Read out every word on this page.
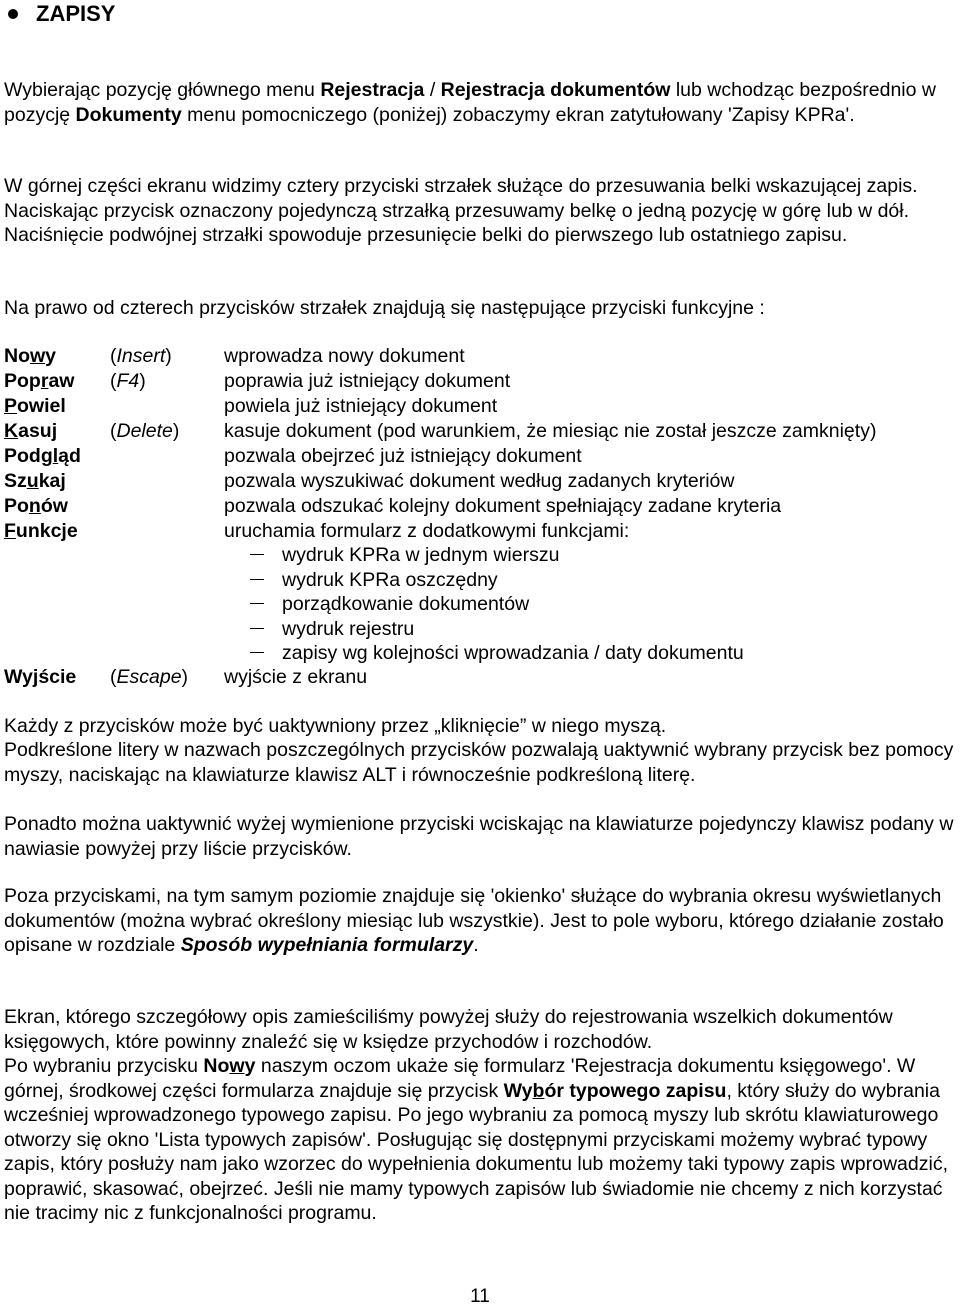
ZAPISY
Wybierając pozycję głównego menu Rejestracja / Rejestracja dokumentów lub wchodząc bezpośrednio w pozycję Dokumenty menu pomocniczego (poniżej) zobaczymy ekran zatytułowany 'Zapisy KPRa'.
W górnej części ekranu widzimy cztery przyciski strzałek służące do przesuwania belki wskazującej zapis. Naciskając przycisk oznaczony pojedynczą strzałką przesuwamy belkę o jedną pozycję w górę lub w dół. Naciśnięcie podwójnej strzałki spowoduje przesunięcie belki do pierwszego lub ostatniego zapisu.
Na prawo od czterech przycisków strzałek znajdują się następujące przyciski funkcyjne :
Nowy	(Insert)	wprowadza nowy dokument
Popraw (F4)	poprawia już istniejący dokument
Powiel	powiela już istniejący dokument
Kasuj	(Delete) kasuje dokument (pod warunkiem, że miesiąc nie został jeszcze zamknięty)
Podgląd	pozwala obejrzeć już istniejący dokument
Szukaj	pozwala wyszukiwać dokument według zadanych kryteriów
Ponów	pozwala odszukać kolejny dokument spełniający zadane kryteria
Funkcje	uruchamia formularz z dodatkowymi funkcjami:
wydruk KPRa w jednym wierszu
wydruk KPRa oszczędny
porządkowanie dokumentów
wydruk rejestru
zapisy wg kolejności wprowadzania / daty dokumentu
Wyjście (Escape) wyjście z ekranu
Każdy z przycisków może być uaktywniony przez „kliknięcie” w niego myszą.
Podkreślone litery w nazwach poszczególnych przycisków pozwalają uaktywnić wybrany przycisk bez pomocy myszy, naciskając na klawiaturze klawisz ALT i równocześnie podkreśloną literę.
Ponadto można uaktywnić wyżej wymienione przyciski wciskając na klawiaturze pojedynczy klawisz podany w nawiasie powyżej przy liście przycisków.
Poza przyciskami, na tym samym poziomie znajduje się 'okienko' służące do wybrania okresu wyświetlanych dokumentów (można wybrać określony miesiąc lub wszystkie). Jest to pole wyboru, którego działanie zostało opisane w rozdziale Sposób wypełniania formularzy.
Ekran, którego szczegółowy opis zamieściliśmy powyżej służy do rejestrowania wszelkich dokumentów księgowych, które powinny znaleźć się w księdze przychodów i rozchodów.
Po wybraniu przycisku Nowy naszym oczom ukaże się formularz 'Rejestracja dokumentu księgowego'. W górnej, środkowej części formularza znajduje się przycisk Wybór typowego zapisu, który służy do wybrania wcześniej wprowadzonego typowego zapisu. Po jego wybraniu za pomocą myszy lub skrótu klawiaturowego otworzy się okno 'Lista typowych zapisów'. Posługując się dostępnymi przyciskami możemy wybrać typowy zapis, który posłuży nam jako wzorzec do wypełnienia dokumentu lub możemy taki typowy zapis wprowadzić, poprawić, skasować, obejrzeć. Jeśli nie mamy typowych zapisów lub świadomie nie chcemy z nich korzystać nie tracimy nic z funkcjonalności programu.
11
